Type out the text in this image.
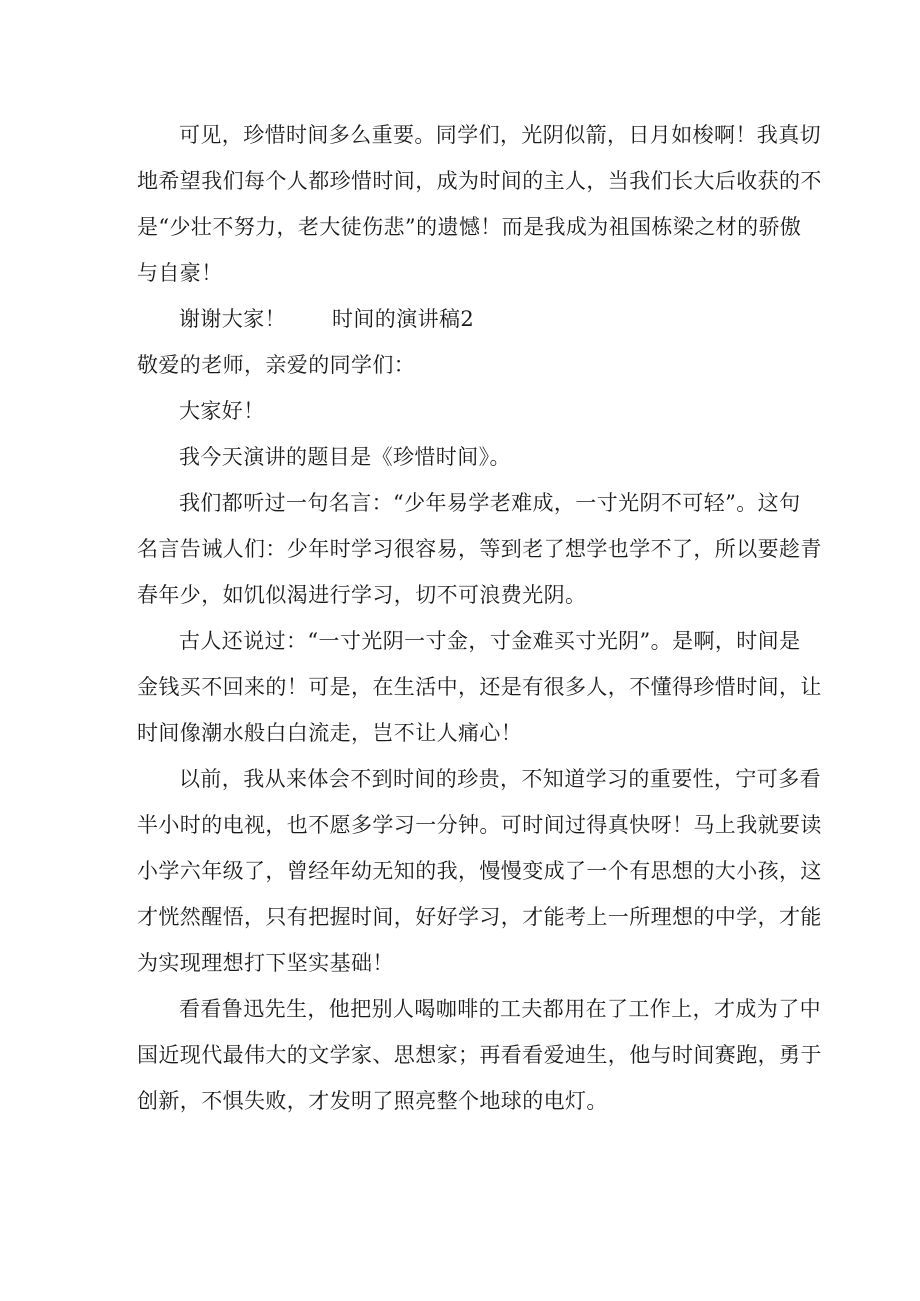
可见，珍惜时间多么重要。同学们，光阴似箭，日月如梭啊！我真切
地希望我们每个人都珍惜时间，成为时间的主人，当我们长大后收获的不
是“少壮不努力，老大徒伤悲”的遗憾！而是我成为祖国栋梁之材的骄傲
与自豪！
谢谢大家！ 时间的演讲稿2
敬爱的老师，亲爱的同学们：
大家好！
我今天演讲的题目是《珍惜时间》。
我们都听过一句名言：“少年易学老难成，一寸光阴不可轻”。这句
名言告诫人们：少年时学习很容易，等到老了想学也学不了，所以要趁青
春年少，如饥似渴进行学习，切不可浪费光阴。
古人还说过：“一寸光阴一寸金，寸金难买寸光阴”。是啊，时间是
金钱买不回来的！可是，在生活中，还是有很多人，不懂得珍惜时间，让
时间像潮水般白白流走，岂不让人痛心！
以前，我从来体会不到时间的珍贵，不知道学习的重要性，宁可多看
半小时的电视，也不愿多学习一分钟。可时间过得真快呀！马上我就要读
小学六年级了，曾经年幼无知的我，慢慢变成了一个有思想的大小孩，这
才恍然醒悟，只有把握时间，好好学习，才能考上一所理想的中学，才能
为实现理想打下坚实基础！
看看鲁迅先生，他把别人喝咖啡的工夫都用在了工作上，才成为了中
国近现代最伟大的文学家、思想家；再看看爱迪生，他与时间赛跑，勇于
创新，不惧失败，才发明了照亮整个地球的电灯。
